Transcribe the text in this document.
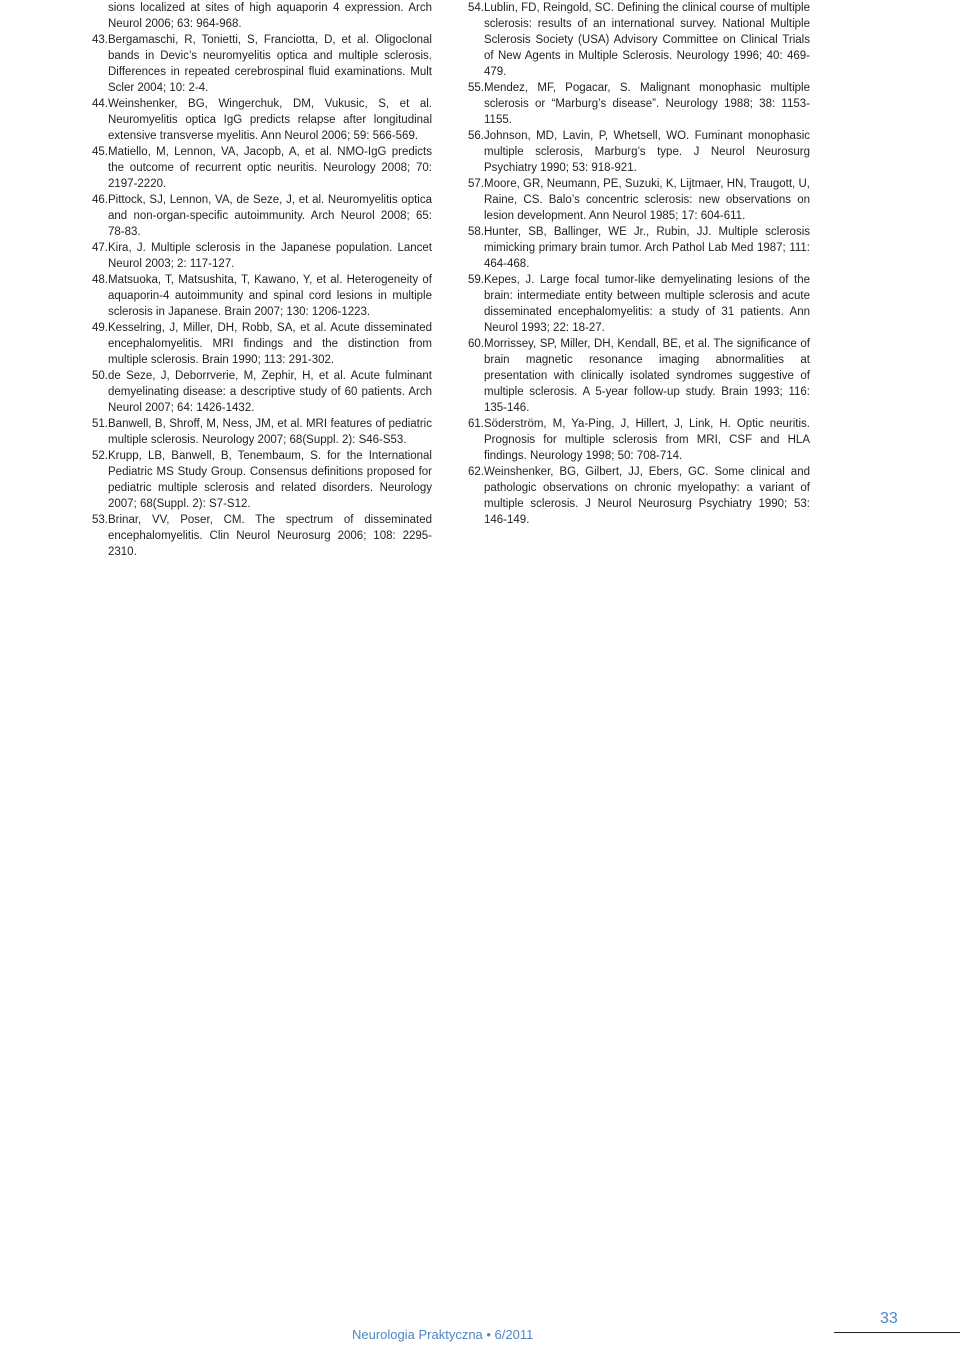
sions localized at sites of high aquaporin 4 expression. Arch Neurol 2006; 63: 964-968.
43. Bergamaschi, R, Tonietti, S, Franciotta, D, et al. Oligoclonal bands in Devic’s neuromyelitis optica and multiple sclerosis. Differences in repeated cerebrospinal fluid examinations. Mult Scler 2004; 10: 2-4.
44. Weinshenker, BG, Wingerchuk, DM, Vukusic, S, et al. Neuromyelitis optica IgG predicts relapse after longitudinal extensive transverse myelitis. Ann Neurol 2006; 59: 566-569.
45. Matiello, M, Lennon, VA, Jacopb, A, et al. NMO-IgG predicts the outcome of recurrent optic neuritis. Neurology 2008; 70: 2197-2220.
46. Pittock, SJ, Lennon, VA, de Seze, J, et al. Neuromyelitis optica and non-organ-specific autoimmunity. Arch Neurol 2008; 65: 78-83.
47. Kira, J. Multiple sclerosis in the Japanese population. Lancet Neurol 2003; 2: 117-127.
48. Matsuoka, T, Matsushita, T, Kawano, Y, et al. Heterogeneity of aquaporin-4 autoimmunity and spinal cord lesions in multiple sclerosis in Japanese. Brain 2007; 130: 1206-1223.
49. Kesselring, J, Miller, DH, Robb, SA, et al. Acute disseminated encephalomyelitis. MRI findings and the distinction from multiple sclerosis. Brain 1990; 113: 291-302.
50. de Seze, J, Deborrverie, M, Zephir, H, et al. Acute fulminant demyelinating disease: a descriptive study of 60 patients. Arch Neurol 2007; 64: 1426-1432.
51. Banwell, B, Shroff, M, Ness, JM, et al. MRI features of pediatric multiple sclerosis. Neurology 2007; 68(Suppl. 2): S46-S53.
52. Krupp, LB, Banwell, B, Tenembaum, S. for the International Pediatric MS Study Group. Consensus definitions proposed for pediatric multiple sclerosis and related disorders. Neurology 2007; 68(Suppl. 2): S7-S12.
53. Brinar, VV, Poser, CM. The spectrum of disseminated encephalomyelitis. Clin Neurol Neurosurg 2006; 108: 2295-2310.
54. Lublin, FD, Reingold, SC. Defining the clinical course of multiple sclerosis: results of an international survey. National Multiple Sclerosis Society (USA) Advisory Committee on Clinical Trials of New Agents in Multiple Sclerosis. Neurology 1996; 40: 469-479.
55. Mendez, MF, Pogacar, S. Malignant monophasic multiple sclerosis or “Marburg’s disease”. Neurology 1988; 38: 1153-1155.
56. Johnson, MD, Lavin, P, Whetsell, WO. Fuminant monophasic multiple sclerosis, Marburg’s type. J Neurol Neurosurg Psychiatry 1990; 53: 918-921.
57. Moore, GR, Neumann, PE, Suzuki, K, Lijtmaer, HN, Traugott, U, Raine, CS. Balo’s concentric sclerosis: new observations on lesion development. Ann Neurol 1985; 17: 604-611.
58. Hunter, SB, Ballinger, WE Jr., Rubin, JJ. Multiple sclerosis mimicking primary brain tumor. Arch Pathol Lab Med 1987; 111: 464-468.
59. Kepes, J. Large focal tumor-like demyelinating lesions of the brain: intermediate entity between multiple sclerosis and acute disseminated encephalomyelitis: a study of 31 patients. Ann Neurol 1993; 22: 18-27.
60. Morrissey, SP, Miller, DH, Kendall, BE, et al. The significance of brain magnetic resonance imaging abnormalities at presentation with clinically isolated syndromes suggestive of multiple sclerosis. A 5-year follow-up study. Brain 1993; 116: 135-146.
61. Söderström, M, Ya-Ping, J, Hillert, J, Link, H. Optic neuritis. Prognosis for multiple sclerosis from MRI, CSF and HLA findings. Neurology 1998; 50: 708-714.
62. Weinshenker, BG, Gilbert, JJ, Ebers, GC. Some clinical and pathologic observations on chronic myelopathy: a variant of multiple sclerosis. J Neurol Neurosurg Psychiatry 1990; 53: 146-149.
Neurologia Praktyczna • 6/2011
33
